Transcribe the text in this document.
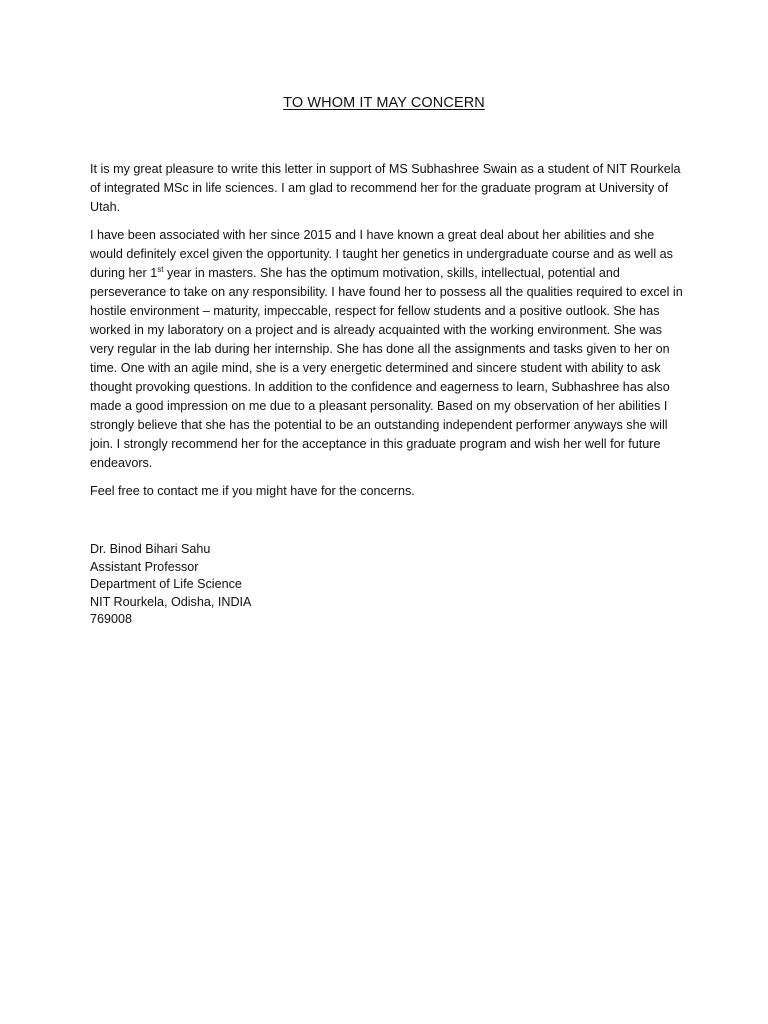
TO WHOM IT MAY CONCERN

It is my great pleasure to write this letter in support of MS Subhashree Swain as a student of NIT Rourkela of integrated MSc in life sciences. I am glad to recommend her for the graduate program at University of Utah.

I have been associated with her since 2015 and I have known a great deal about her abilities and she would definitely excel given the opportunity. I taught her genetics in undergraduate course and as well as during her 1st year in masters. She has the optimum motivation, skills, intellectual, potential and perseverance to take on any responsibility. I have found her to possess all the qualities required to excel in hostile environment – maturity, impeccable, respect for fellow students and a positive outlook. She has worked in my laboratory on a project and is already acquainted with the working environment. She was very regular in the lab during her internship. She has done all the assignments and tasks given to her on time. One with an agile mind, she is a very energetic determined and sincere student with ability to ask thought provoking questions. In addition to the confidence and eagerness to learn, Subhashree has also made a good impression on me due to a pleasant personality. Based on my observation of her abilities I strongly believe that she has the potential to be an outstanding independent performer anyways she will join. I strongly recommend her for the acceptance in this graduate program and wish her well for future endeavors.

Feel free to contact me if you might have for the concerns.

Dr. Binod Bihari Sahu
Assistant Professor
Department of Life Science
NIT Rourkela, Odisha, INDIA
769008
